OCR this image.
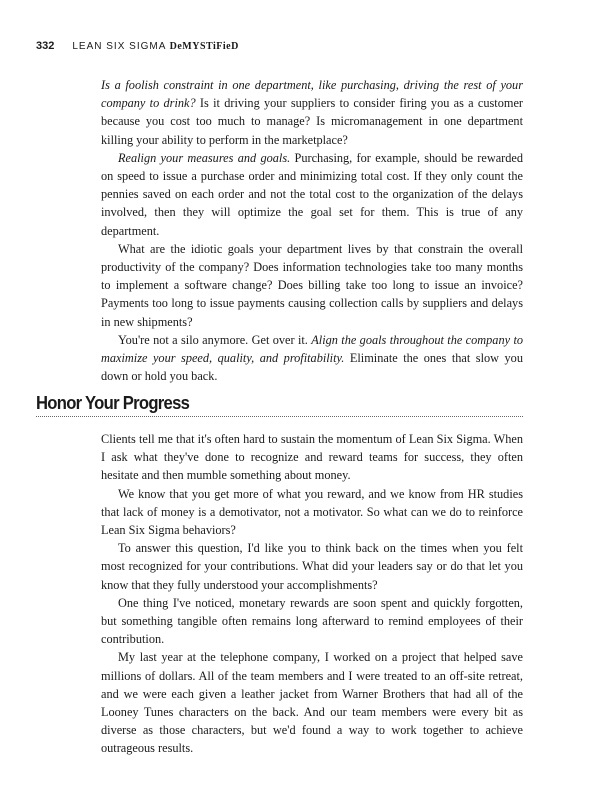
332 LEAN SIX SIGMA DeMYSTiFieD

Is a foolish constraint in one department, like purchasing, driving the rest of your company to drink? Is it driving your suppliers to consider firing you as a customer because you cost too much to manage? Is micromanagement in one department killing your ability to perform in the marketplace?

Realign your measures and goals. Purchasing, for example, should be rewarded on speed to issue a purchase order and minimizing total cost. If they only count the pennies saved on each order and not the total cost to the organization of the delays involved, then they will optimize the goal set for them. This is true of any department.

What are the idiotic goals your department lives by that constrain the overall productivity of the company? Does information technologies take too many months to implement a software change? Does billing take too long to issue an invoice? Payments too long to issue payments causing collection calls by suppliers and delays in new shipments?

You're not a silo anymore. Get over it. Align the goals throughout the company to maximize your speed, quality, and profitability. Eliminate the ones that slow you down or hold you back.

Honor Your Progress

Clients tell me that it's often hard to sustain the momentum of Lean Six Sigma. When I ask what they've done to recognize and reward teams for success, they often hesitate and then mumble something about money.

We know that you get more of what you reward, and we know from HR studies that lack of money is a demotivator, not a motivator. So what can we do to reinforce Lean Six Sigma behaviors?

To answer this question, I'd like you to think back on the times when you felt most recognized for your contributions. What did your leaders say or do that let you know that they fully understood your accomplishments?

One thing I've noticed, monetary rewards are soon spent and quickly forgotten, but something tangible often remains long afterward to remind employees of their contribution.

My last year at the telephone company, I worked on a project that helped save millions of dollars. All of the team members and I were treated to an off-site retreat, and we were each given a leather jacket from Warner Brothers that had all of the Looney Tunes characters on the back. And our team members were every bit as diverse as those characters, but we'd found a way to work together to achieve outrageous results.
